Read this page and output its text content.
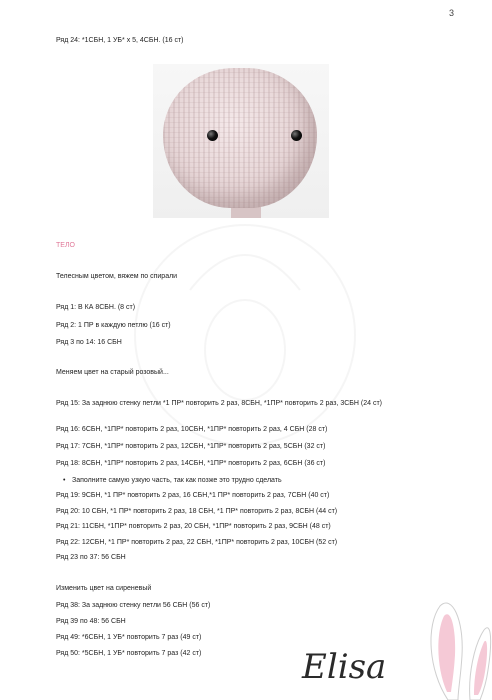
3
Ряд 24: *1СБН, 1 УБ* х 5, 4СБН. (16 ст)
ТЕЛО
Телесным цветом, вяжем по спирали
Ряд 1: В КА 8СБН. (8 ст)
Ряд 2: 1 ПР в каждую петлю (16 ст)
Ряд 3 по 14: 16 СБН
Меняем цвет на старый розовый...
Ряд 15: За заднюю стенку петли *1 ПР* повторить 2 раз, 8СБН, *1ПР* повторить 2 раз, 3СБН (24 ст)
Ряд 16: 6СБН, *1ПР* повторить 2 раз, 10СБН, *1ПР* повторить 2 раз, 4 СБН (28 ст)
Ряд 17: 7СБН, *1ПР* повторить 2 раз, 12СБН, *1ПР* повторить 2 раз, 5СБН (32 ст)
Ряд 18: 8СБН, *1ПР* повторить 2 раз, 14СБН, *1ПР* повторить 2 раз, 6СБН (36 ст)
• Заполните самую узкую часть, так как позже это трудно сделать
Ряд 19: 9СБН, *1 ПР* повторить 2 раз, 16 СБН,*1 ПР* повторить 2 раз, 7СБН (40 ст)
Ряд 20: 10 СБН, *1 ПР* повторить 2 раз, 18 СБН, *1 ПР* повторить 2 раз, 8СБН (44 ст)
Ряд 21: 11СБН, *1ПР* повторить 2 раз, 20 СБН, *1ПР* повторить 2 раз, 9СБН (48 ст)
Ряд 22: 12СБН, *1 ПР* повторить 2 раз, 22 СБН, *1ПР* повторить 2 раз, 10СБН (52 ст)
Ряд 23 по 37: 56 СБН
Изменить цвет на сиреневый
Ряд 38: За заднюю стенку петли 56 СБН (56 ст)
Ряд 39 по 48: 56 СБН
Ряд 49: *6СБН, 1 УБ* повторить 7 раз (49 ст)
Ряд 50: *5СБН, 1 УБ* повторить 7 раз (42 ст)	Elisa
